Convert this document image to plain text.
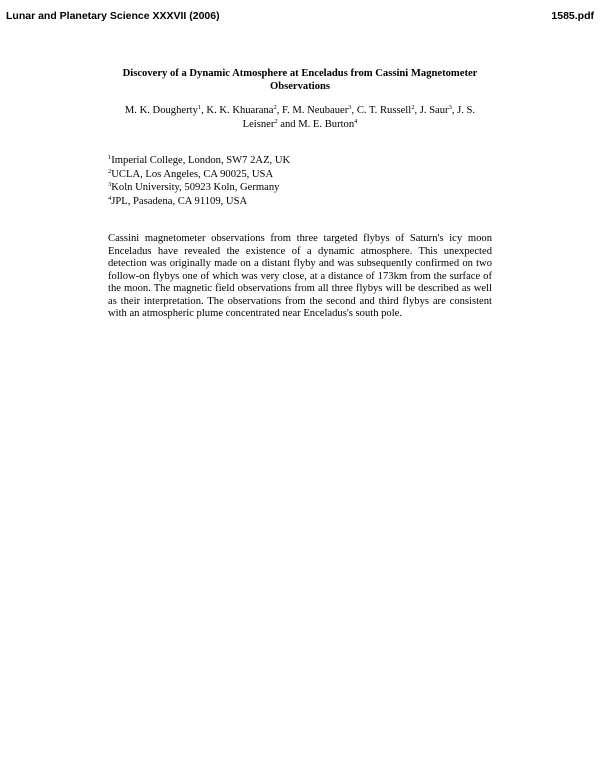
Lunar and Planetary Science XXXVII (2006)	1585.pdf
Discovery of a Dynamic Atmosphere at Enceladus from Cassini Magnetometer
Observations
M. K. Dougherty$^1$, K. K. Khuarana$^2$, F. M. Neubauer$^3$, C. T. Russell$^2$, J. Saur$^3$, J. S. Leisner$^2$ and M. E. Burton$^4$
$^1$Imperial College, London, SW7 2AZ, UK
$^2$UCLA, Los Angeles, CA 90025, USA
$^3$Koln University, 50923 Koln, Germany
$^4$JPL, Pasadena, CA 91109, USA

Cassini magnetometer observations from three targeted flybys of Saturn's icy moon Enceladus have revealed the existence of a dynamic atmosphere. This unexpected detection was originally made on a distant flyby and was subsequently confirmed on two follow-on flybys one of which was very close, at a distance of 173km from the surface of the moon. The magnetic field observations from all three flybys will be described as well as their interpretation. The observations from the second and third flybys are consistent with an atmospheric plume concentrated near Enceladus's south pole.
